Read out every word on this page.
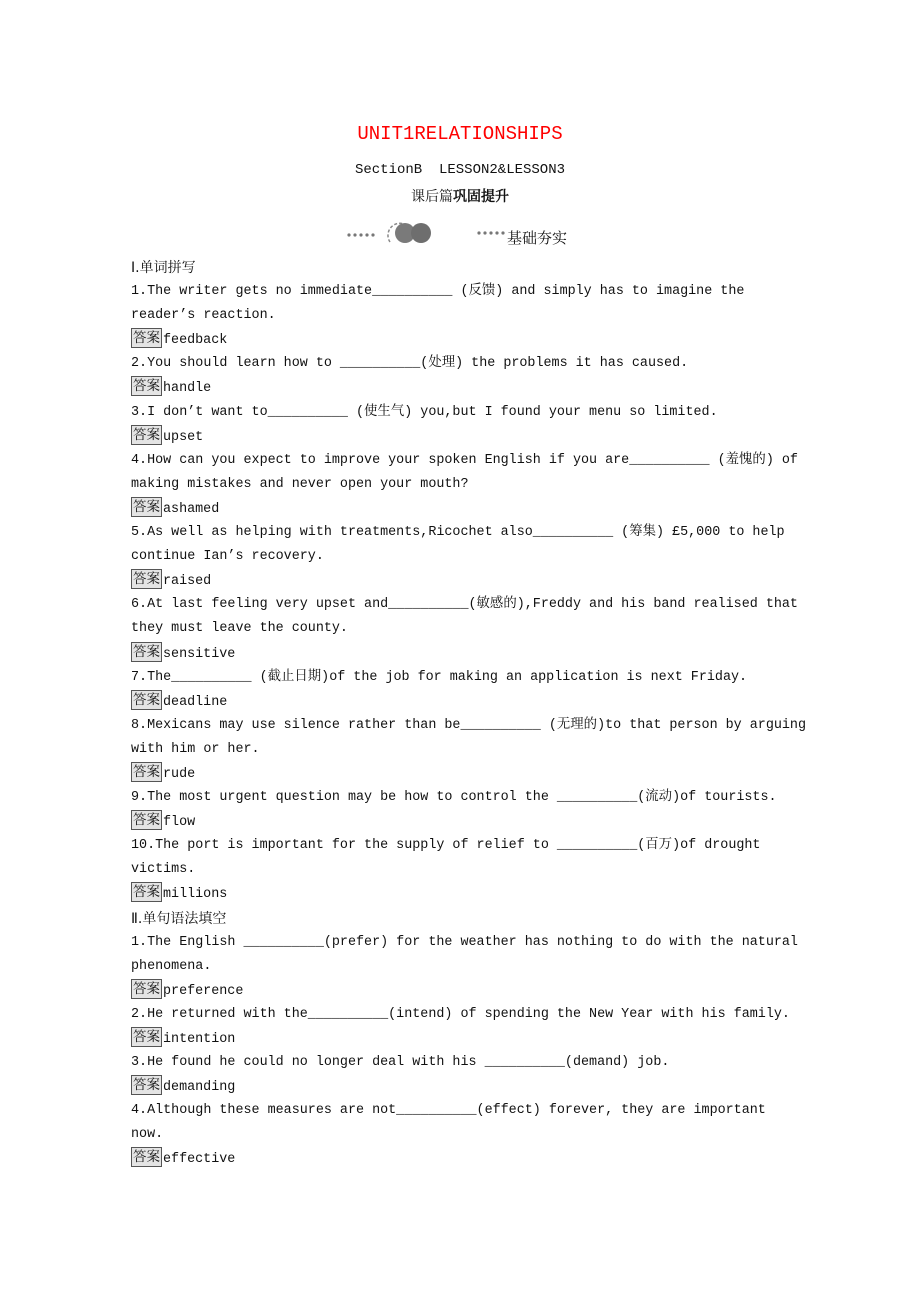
UNIT1RELATIONSHIPS
SectionB  LESSON2&LESSON3
课后篇巩固提升
基础夯实
Ⅰ.单词拼写
1.The writer gets no immediate__________ (反馈) and simply has to imagine the
reader’s reaction.
答案 feedback
2.You should learn how to __________(处理) the problems it has caused.
答案 handle
3.I don’t want to__________ (使生气) you,but I found your menu so limited.
答案 upset
4.How can you expect to improve your spoken English if you are__________ (羞愧的) of
making mistakes and never open your mouth?
答案 ashamed
5.As well as helping with treatments,Ricochet also__________ (筹集) £5,000 to help
continue Ian’s recovery.
答案 raised
6.At last feeling very upset and__________(敏感的),Freddy and his band realised that
they must leave the county.
答案 sensitive
7.The__________ (截止日期)of the job for making an application is next Friday.
答案 deadline
8.Mexicans may use silence rather than be__________ (无理的)to that person by arguing
with him or her.
答案 rude
9.The most urgent question may be how to control the __________(流动)of tourists.
答案 flow
10.The port is important for the supply of relief to __________(百万)of drought
victims.
答案 millions
Ⅱ.单句语法填空
1.The English __________(prefer) for the weather has nothing to do with the natural
phenomena.
答案 preference
2.He returned with the__________(intend) of spending the New Year with his family.
答案 intention
3.He found he could no longer deal with his __________(demand) job.
答案 demanding
4.Although these measures are not__________(effect) forever, they are important
now.
答案 effective
